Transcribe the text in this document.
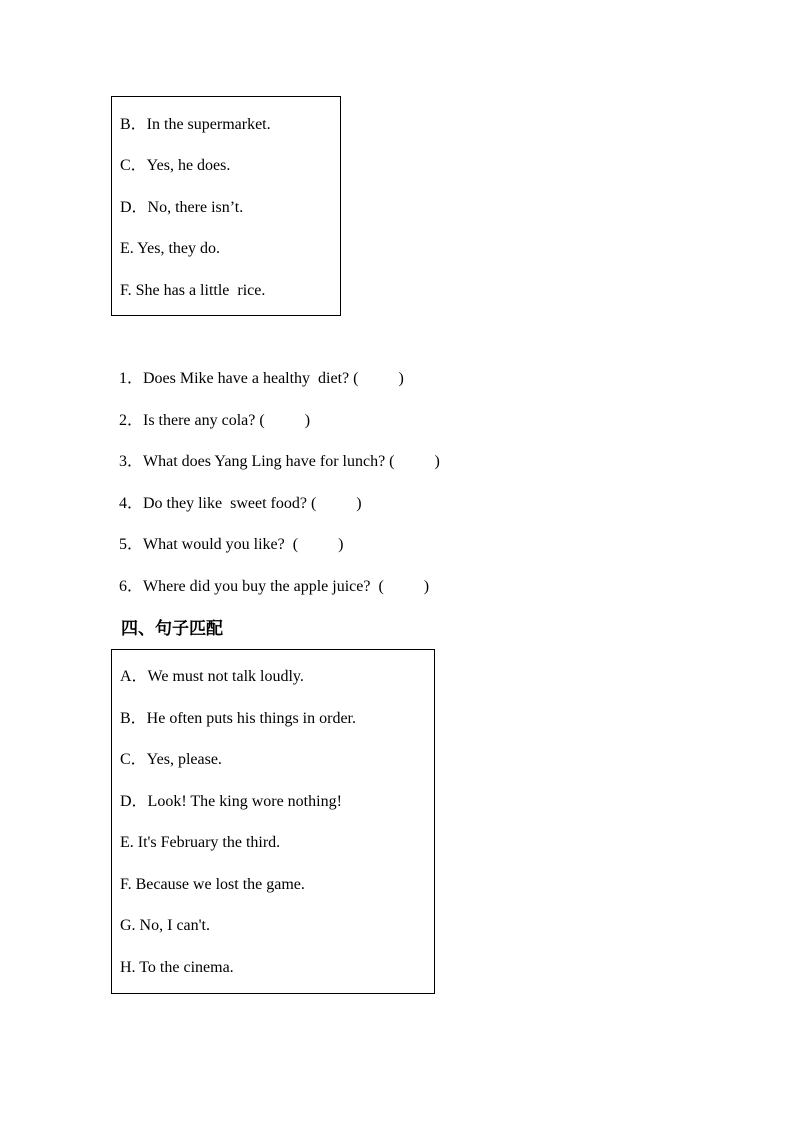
B．In the supermarket.
C．Yes, he does.
D．No, there isn’t.
E. Yes, they do.
F. She has a little  rice.
1．Does Mike have a healthy  diet? (          )
2．Is there any cola? (          )
3．What does Yang Ling have for lunch? (          )
4．Do they like  sweet food? (          )
5．What would you like?  (          )
6．Where did you buy the apple juice?  (          )
四、句子匹配
A．We must not talk loudly.
B．He often puts his things in order.
C．Yes, please.
D．Look! The king wore nothing!
E. It's February the third.
F. Because we lost the game.
G. No, I can't.
H. To the cinema.
